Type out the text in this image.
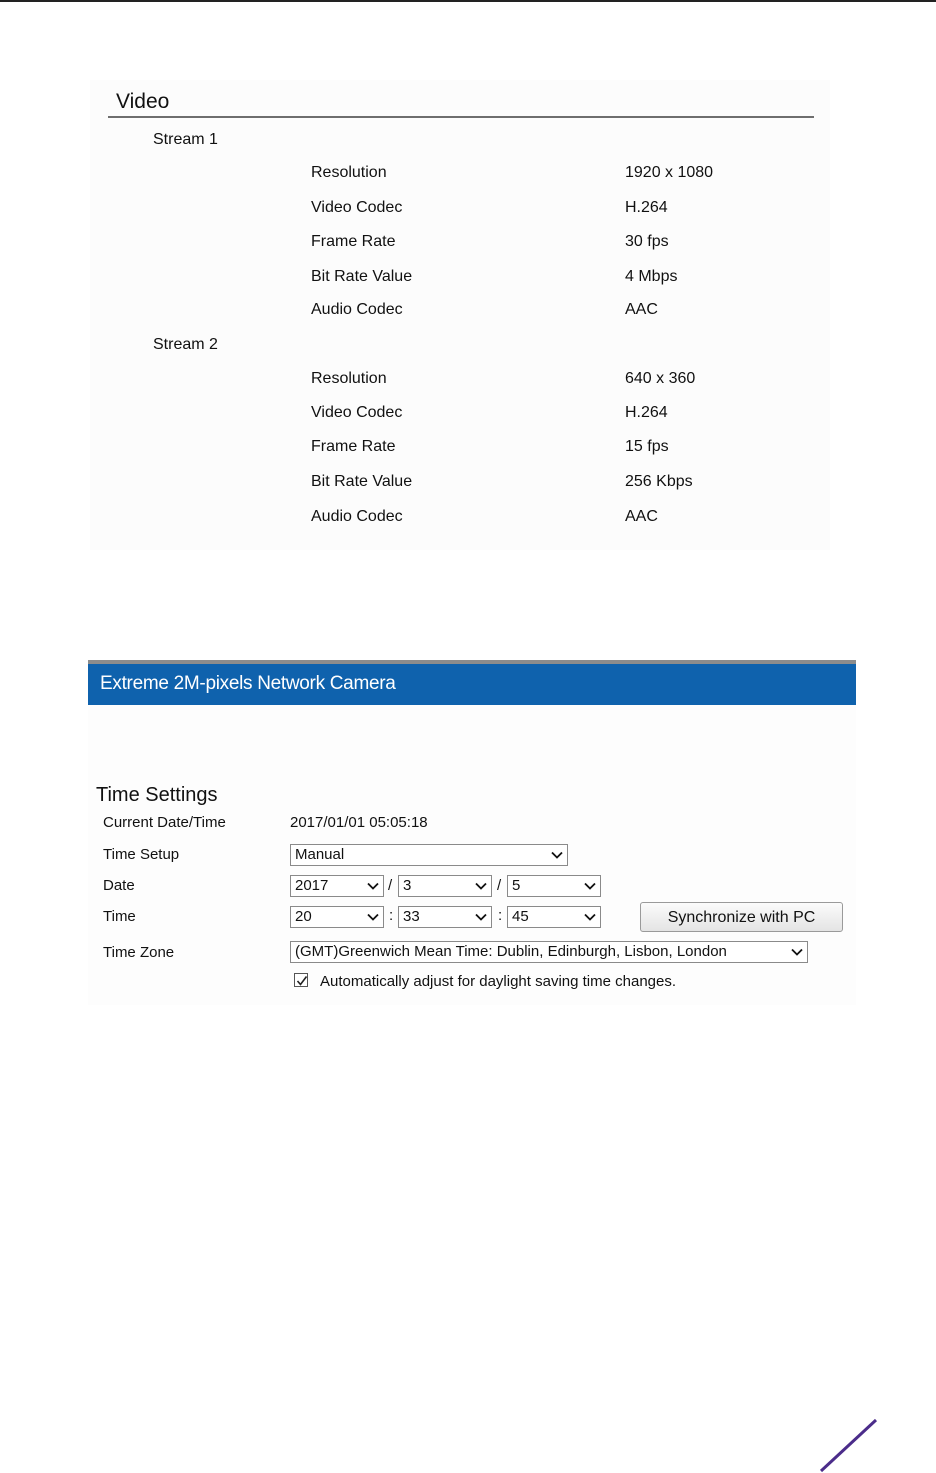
Video
Stream 1
Resolution	1920 x 1080
Video Codec	H.264
Frame Rate	30 fps
Bit Rate Value	4 Mbps
Audio Codec	AAC
Stream 2
Resolution	640 x 360
Video Codec	H.264
Frame Rate	15 fps
Bit Rate Value	256 Kbps
Audio Codec	AAC
Extreme 2M-pixels Network Camera
Time Settings
Current Date/Time	2017/01/01 05:05:18
Time Setup	Manual
Date	2017	/ 3	/ 5
Time	20	: 33	: 45	Synchronize with PC
Time Zone	(GMT)Greenwich Mean Time: Dublin, Edinburgh, Lisbon, London
Automatically adjust for daylight saving time changes.
